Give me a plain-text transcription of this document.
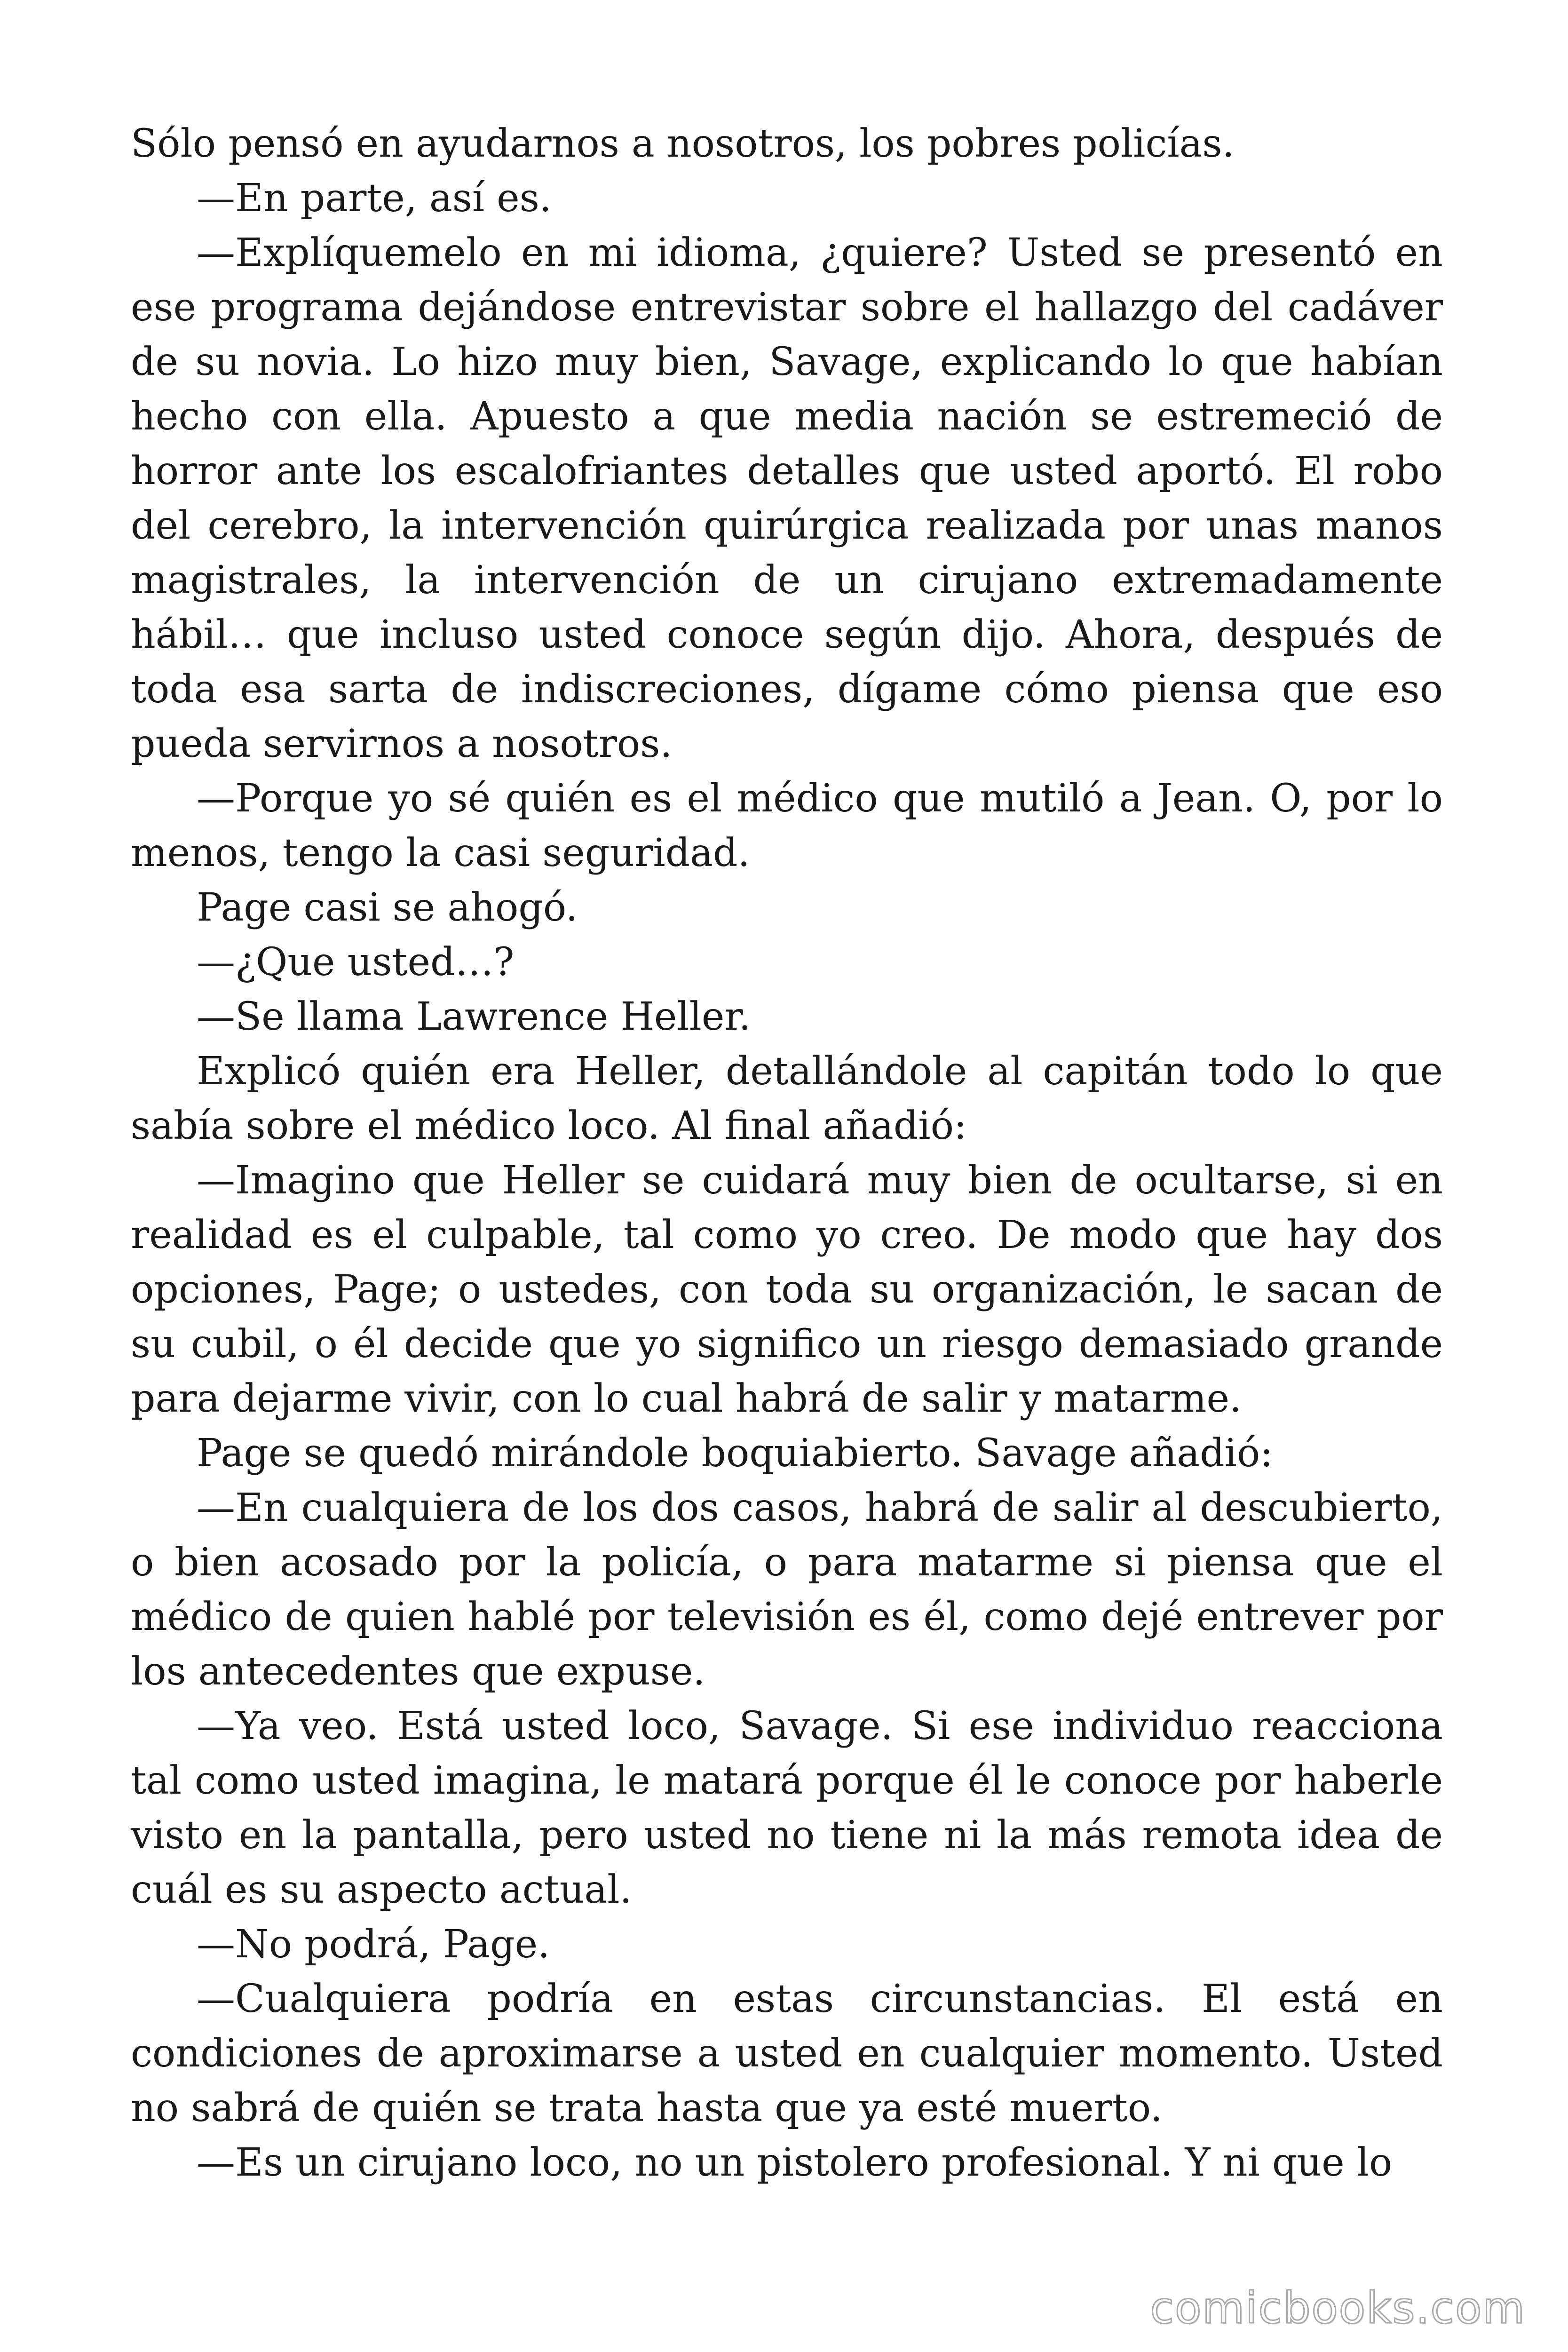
Sólo pensó en ayudarnos a nosotros, los pobres policías.

—En parte, así es.

—Explíquemelo en mi idioma, ¿quiere? Usted se presentó en ese programa dejándose entrevistar sobre el hallazgo del cadáver de su novia. Lo hizo muy bien, Savage, explicando lo que habían hecho con ella. Apuesto a que media nación se estremeció de horror ante los escalofriantes detalles que usted aportó. El robo del cerebro, la intervención quirúrgica realizada por unas manos magistrales, la intervención de un cirujano extremadamente hábil… que incluso usted conoce según dijo. Ahora, después de toda esa sarta de indiscreciones, dígame cómo piensa que eso pueda servirnos a nosotros.

—Porque yo sé quién es el médico que mutiló a Jean. O, por lo menos, tengo la casi seguridad.

Page casi se ahogó.

—¿Que usted…?

—Se llama Lawrence Heller.

Explicó quién era Heller, detallándole al capitán todo lo que sabía sobre el médico loco. Al final añadió:

—Imagino que Heller se cuidará muy bien de ocultarse, si en realidad es el culpable, tal como yo creo. De modo que hay dos opciones, Page; o ustedes, con toda su organización, le sacan de su cubil, o él decide que yo significo un riesgo demasiado grande para dejarme vivir, con lo cual habrá de salir y matarme.

Page se quedó mirándole boquiabierto. Savage añadió:

—En cualquiera de los dos casos, habrá de salir al descubierto, o bien acosado por la policía, o para matarme si piensa que el médico de quien hablé por televisión es él, como dejé entrever por los antecedentes que expuse.

—Ya veo. Está usted loco, Savage. Si ese individuo reacciona tal como usted imagina, le matará porque él le conoce por haberle visto en la pantalla, pero usted no tiene ni la más remota idea de cuál es su aspecto actual.

—No podrá, Page.

—Cualquiera podría en estas circunstancias. El está en condiciones de aproximarse a usted en cualquier momento. Usted no sabrá de quién se trata hasta que ya esté muerto.

—Es un cirujano loco, no un pistolero profesional. Y ni que lo

comicbooks.com
